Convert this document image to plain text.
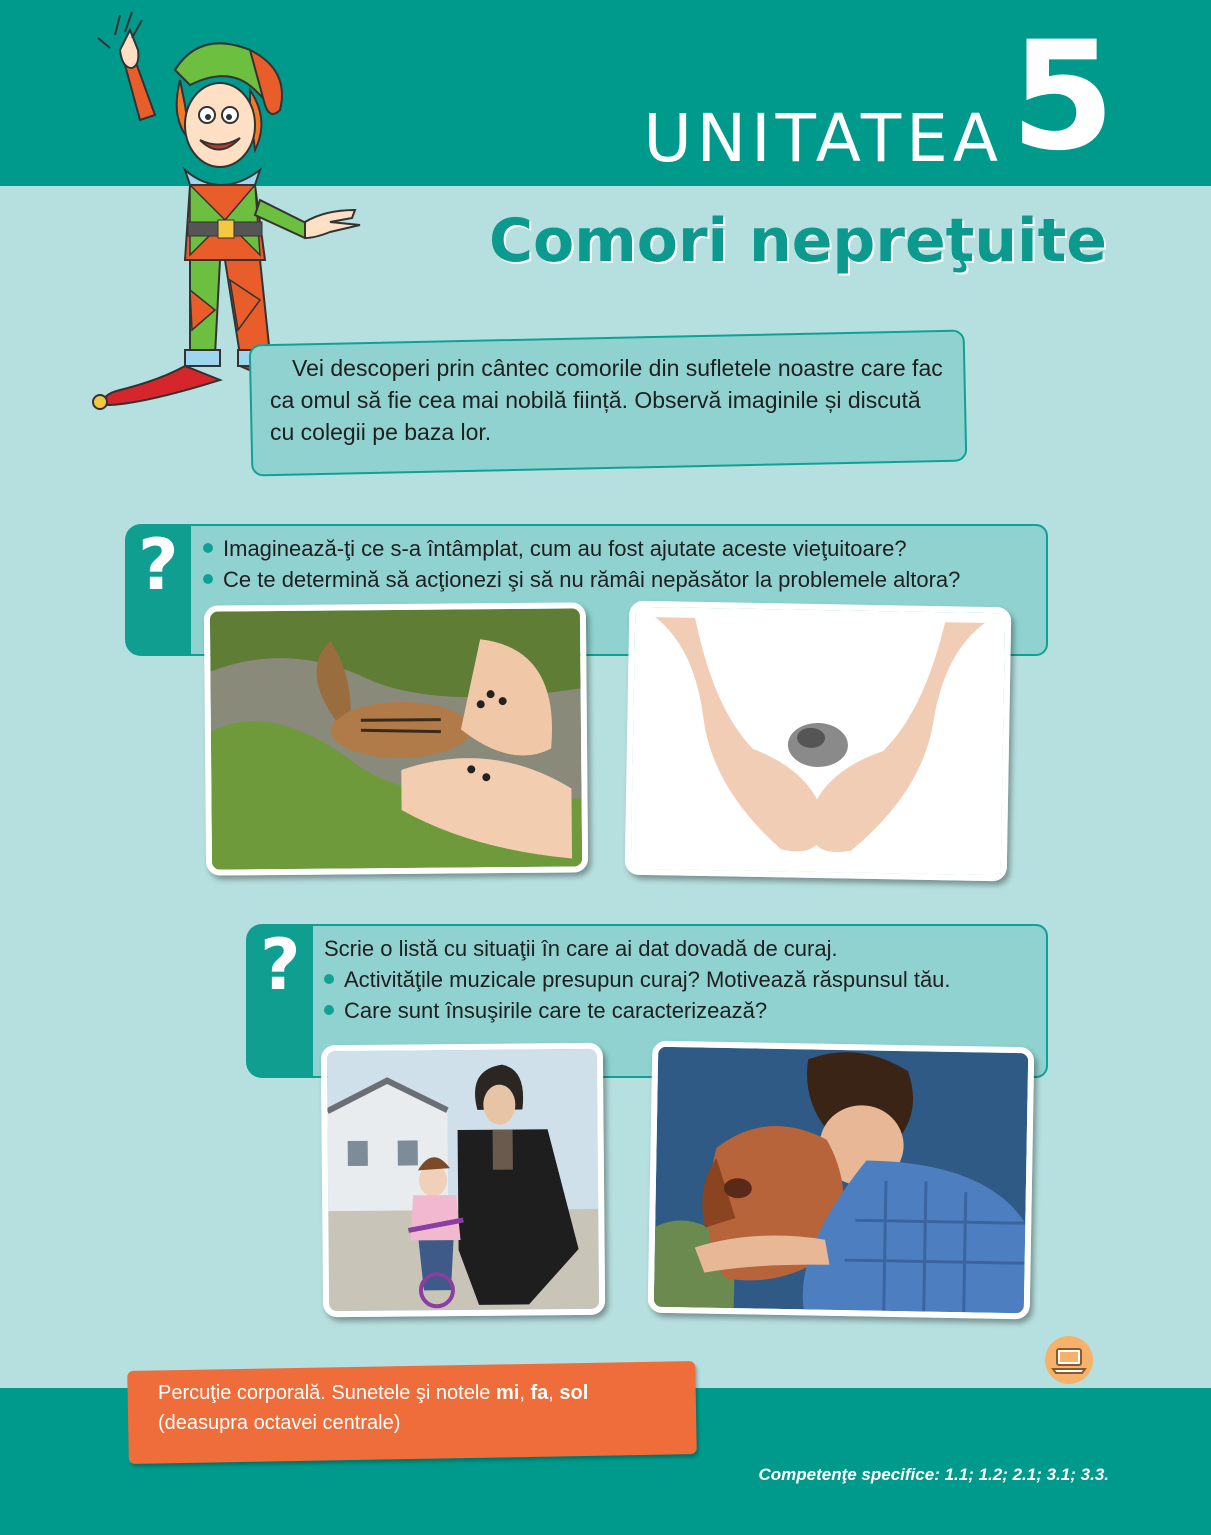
UNITATEA 5
Comori nepreţuite
Vei descoperi prin cântec comorile din sufletele noastre care fac ca omul să fie cea mai nobilă ființă. Observă imaginile și discută cu colegii pe baza lor.
?	Imaginează-ţi ce s-a întâmplat, cum au fost ajutate aceste vieţuitoare?
Ce te determină să acţionezi şi să nu rămâi nepăsător la problemele altora?
? Scrie o listă cu situaţii în care ai dat dovadă de curaj.
Activităţile muzicale presupun curaj? Motivează răspunsul tău.
Care sunt însuşirile care te caracterizează?
Percuţie corporală. Sunetele şi notele mi, fa, sol
(deasupra octavei centrale)
Competenţe specifice: 1.1; 1.2; 2.1; 3.1; 3.3.
